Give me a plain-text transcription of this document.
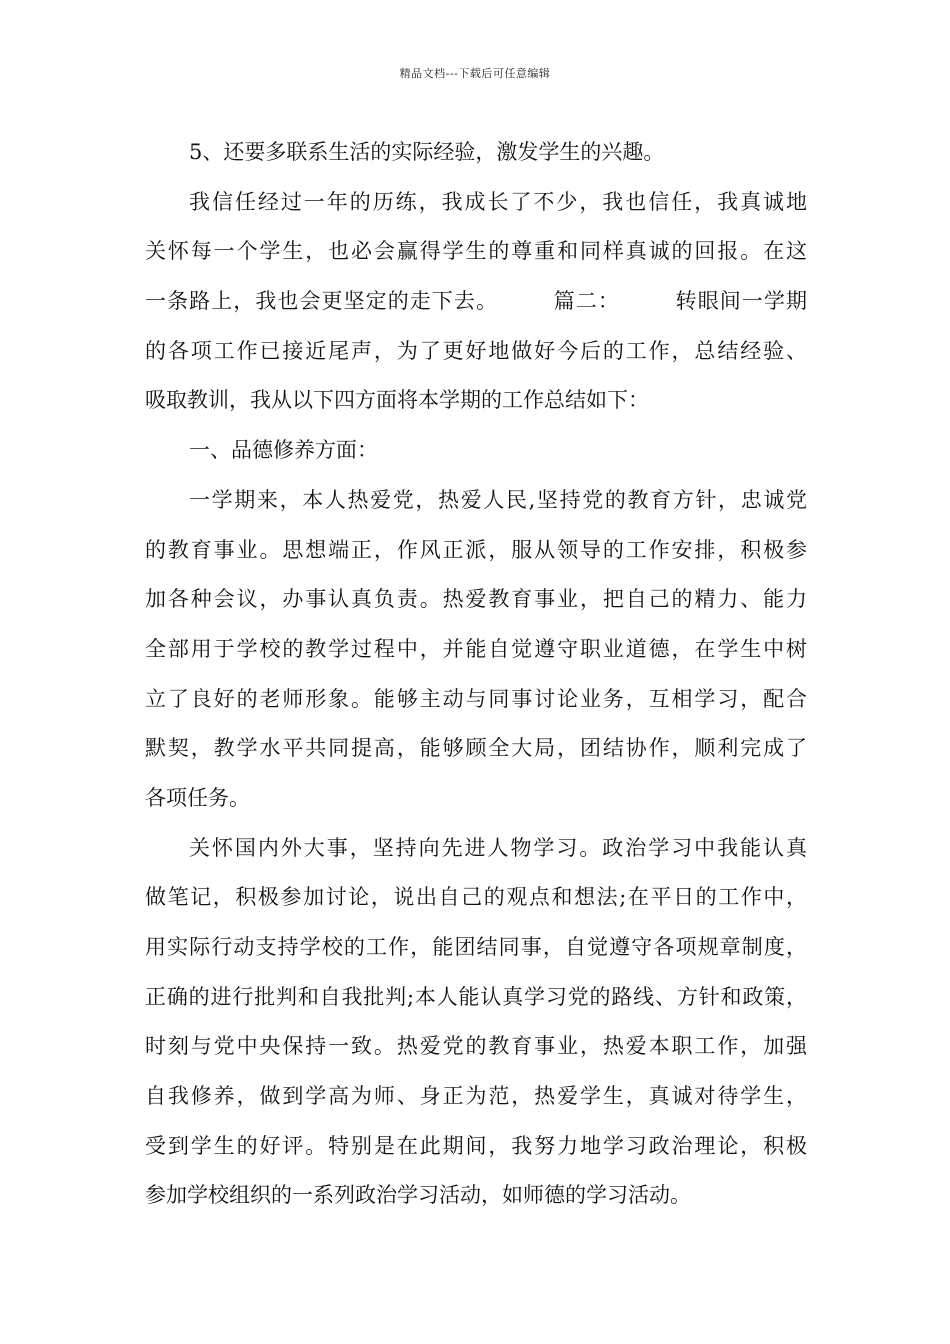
精品文档---下载后可任意编辑
5、还要多联系生活的实际经验，激发学生的兴趣。
我信任经过一年的历练，我成长了不少，我也信任，我真诚地
关怀每一个学生，也必会赢得学生的尊重和同样真诚的回报。在这
一条路上，我也会更坚定的走下去。　　　篇二：　　　转眼间一学期
的各项工作已接近尾声，为了更好地做好今后的工作，总结经验、
吸取教训，我从以下四方面将本学期的工作总结如下：
一、品德修养方面：
一学期来，本人热爱党，热爱人民,坚持党的教育方针，忠诚党
的教育事业。思想端正，作风正派，服从领导的工作安排，积极参
加各种会议，办事认真负责。热爱教育事业，把自己的精力、能力
全部用于学校的教学过程中，并能自觉遵守职业道德，在学生中树
立了良好的老师形象。能够主动与同事讨论业务，互相学习，配合
默契，教学水平共同提高，能够顾全大局，团结协作，顺利完成了
各项任务。
关怀国内外大事，坚持向先进人物学习。政治学习中我能认真
做笔记，积极参加讨论，说出自己的观点和想法;在平日的工作中，
用实际行动支持学校的工作，能团结同事，自觉遵守各项规章制度，
正确的进行批判和自我批判;本人能认真学习党的路线、方针和政策，
时刻与党中央保持一致。热爱党的教育事业，热爱本职工作，加强
自我修养，做到学高为师、身正为范，热爱学生，真诚对待学生，
受到学生的好评。特别是在此期间，我努力地学习政治理论，积极
参加学校组织的一系列政治学习活动，如师德的学习活动。
